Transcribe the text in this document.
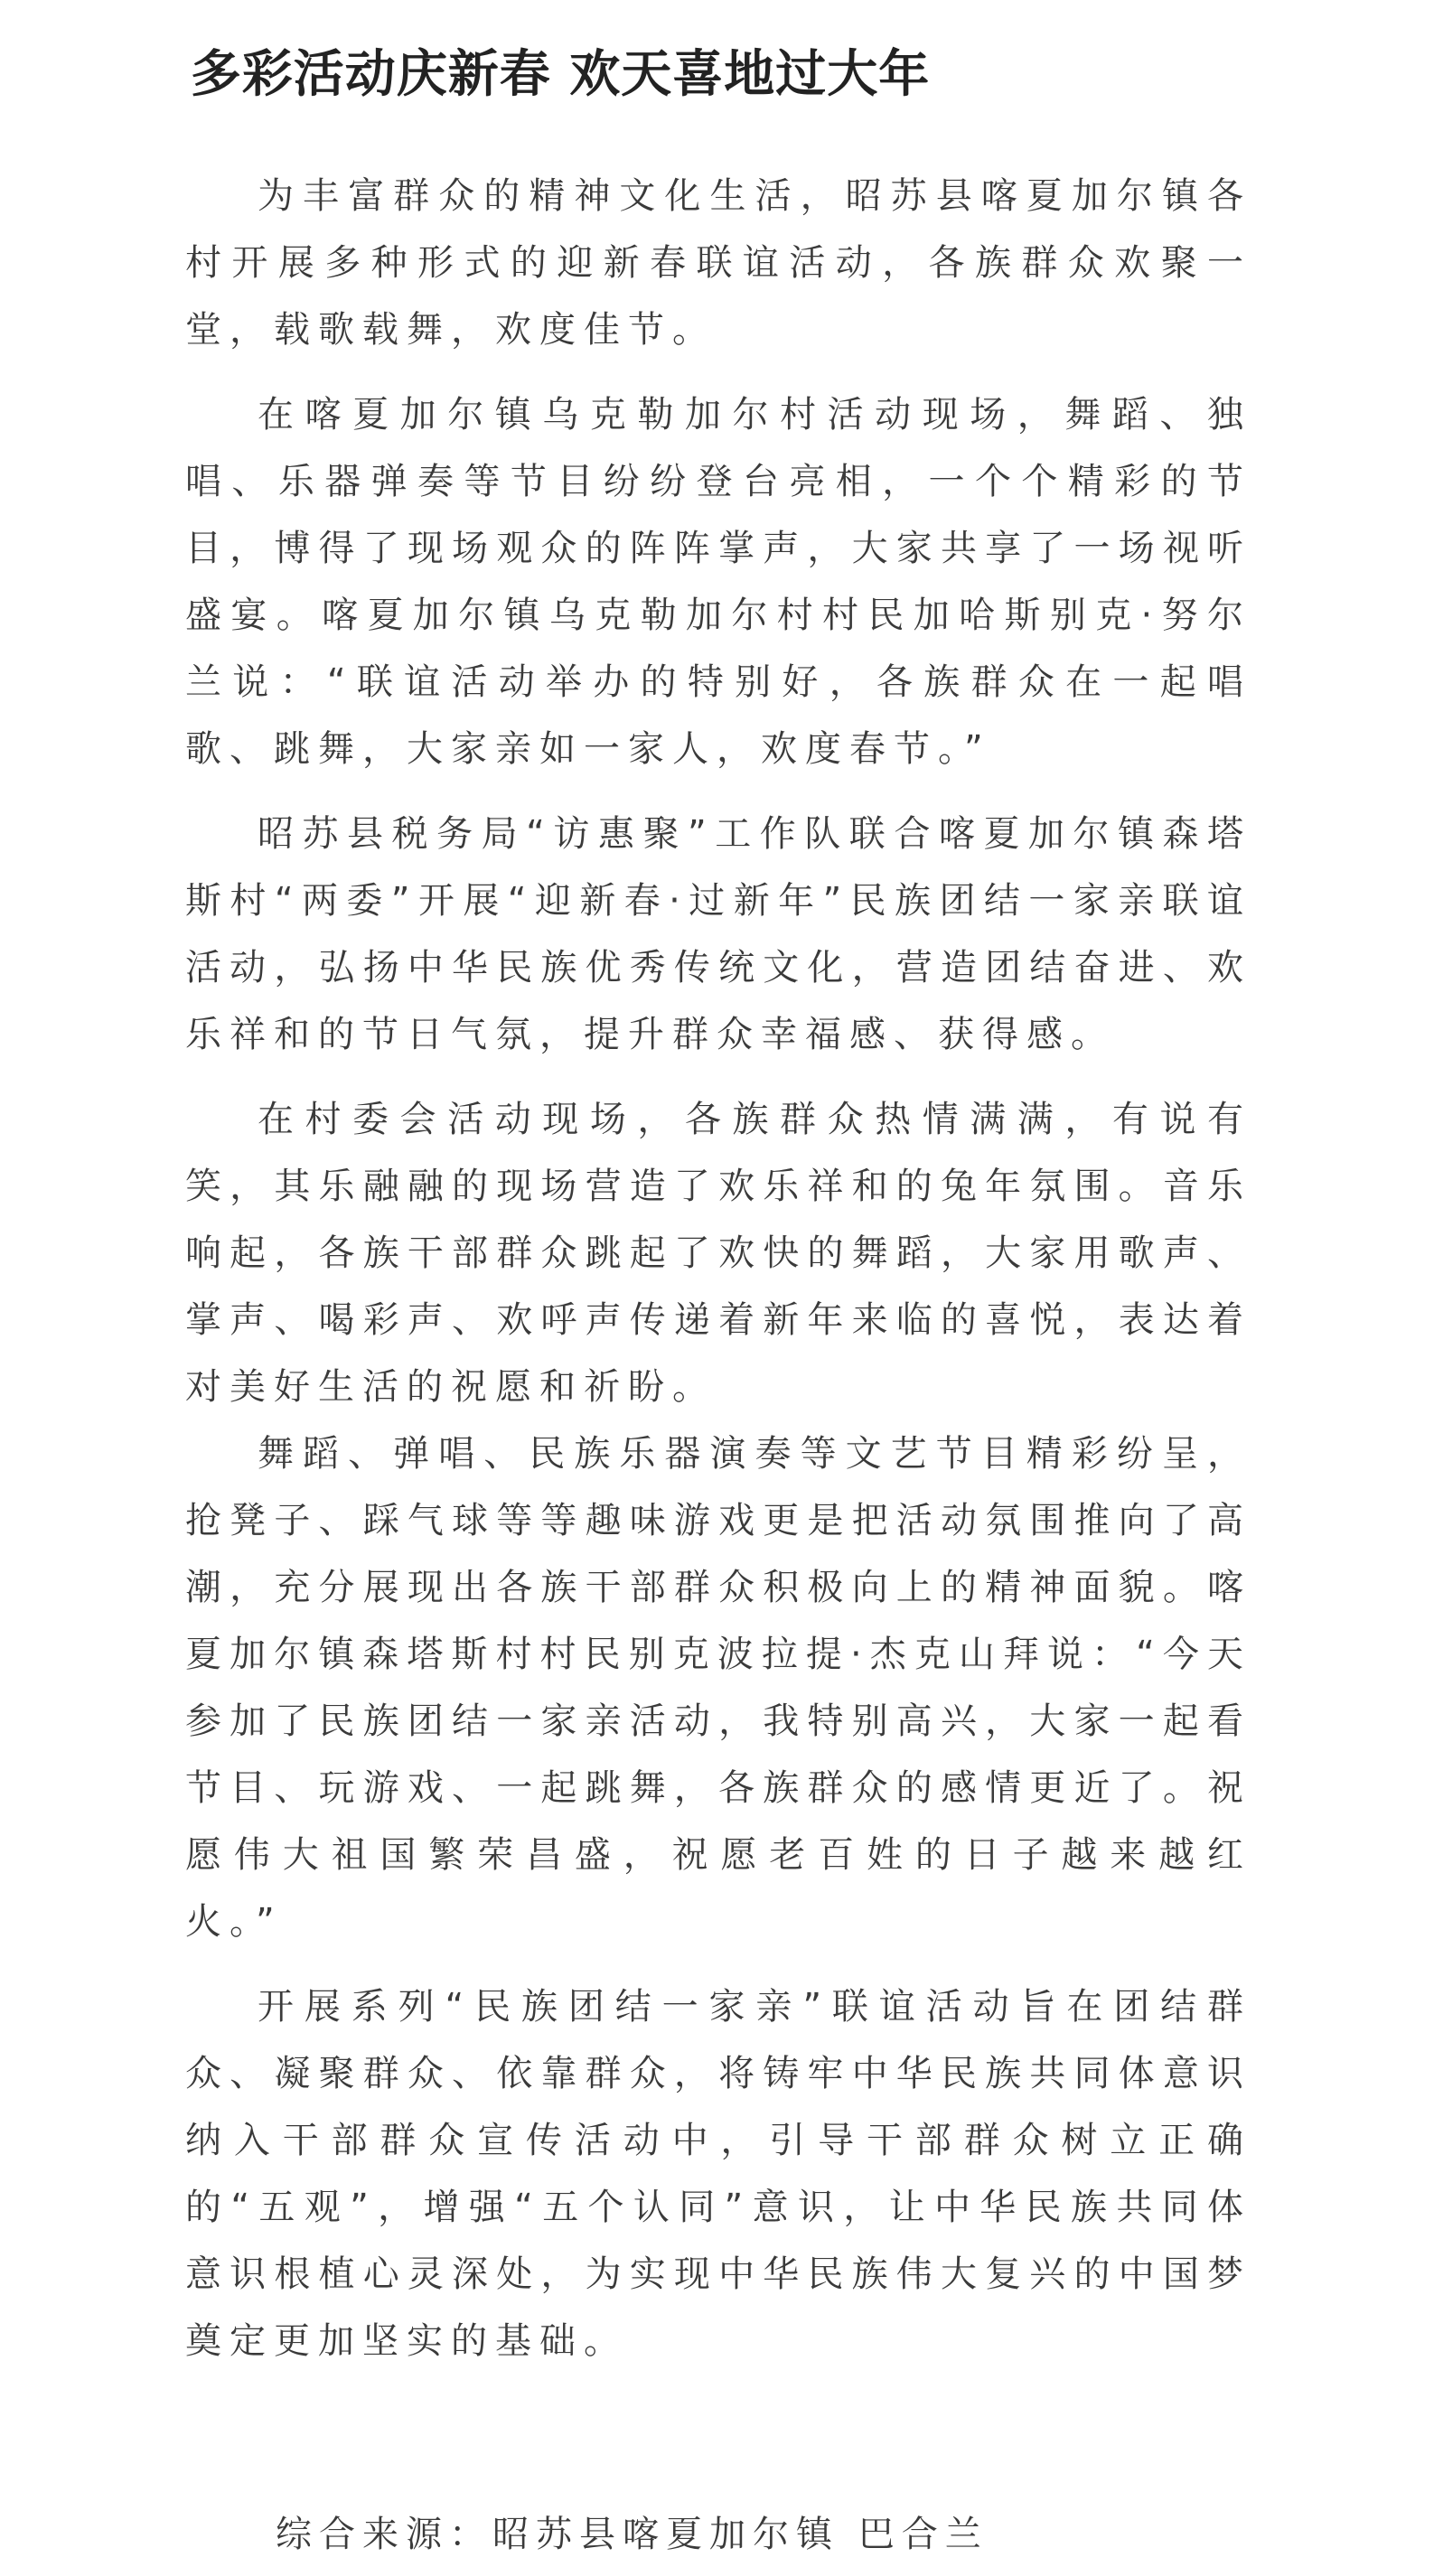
多彩活动庆新春 欢天喜地过大年

为丰富群众的精神文化生活，昭苏县喀夏加尔镇各村开展多种形式的迎新春联谊活动，各族群众欢聚一堂，载歌载舞，欢度佳节。

在喀夏加尔镇乌克勒加尔村活动现场，舞蹈、独唱、乐器弹奏等节目纷纷登台亮相，一个个精彩的节目，博得了现场观众的阵阵掌声，大家共享了一场视听盛宴。喀夏加尔镇乌克勒加尔村村民加哈斯别克·努尔兰说：“联谊活动举办的特别好，各族群众在一起唱歌、跳舞，大家亲如一家人，欢度春节。”

昭苏县税务局“访惠聚”工作队联合喀夏加尔镇森塔斯村“两委”开展“迎新春·过新年”民族团结一家亲联谊活动，弘扬中华民族优秀传统文化，营造团结奋进、欢乐祥和的节日气氛，提升群众幸福感、获得感。

在村委会活动现场，各族群众热情满满，有说有笑，其乐融融的现场营造了欢乐祥和的兔年氛围。音乐响起，各族干部群众跳起了欢快的舞蹈，大家用歌声、掌声、喝彩声、欢呼声传递着新年来临的喜悦，表达着对美好生活的祝愿和祈盼。

舞蹈、弹唱、民族乐器演奏等文艺节目精彩纷呈，抢凳子、踩气球等等趣味游戏更是把活动氛围推向了高潮，充分展现出各族干部群众积极向上的精神面貌。喀夏加尔镇森塔斯村村民别克波拉提·杰克山拜说：“今天参加了民族团结一家亲活动，我特别高兴，大家一起看节目、玩游戏、一起跳舞，各族群众的感情更近了。祝愿伟大祖国繁荣昌盛，祝愿老百姓的日子越来越红火。”

开展系列“民族团结一家亲”联谊活动旨在团结群众、凝聚群众、依靠群众，将铸牢中华民族共同体意识纳入干部群众宣传活动中，引导干部群众树立正确的“五观”，增强“五个认同”意识，让中华民族共同体意识根植心灵深处，为实现中华民族伟大复兴的中国梦奠定更加坚实的基础。

综合来源：昭苏县喀夏加尔镇 巴合兰
